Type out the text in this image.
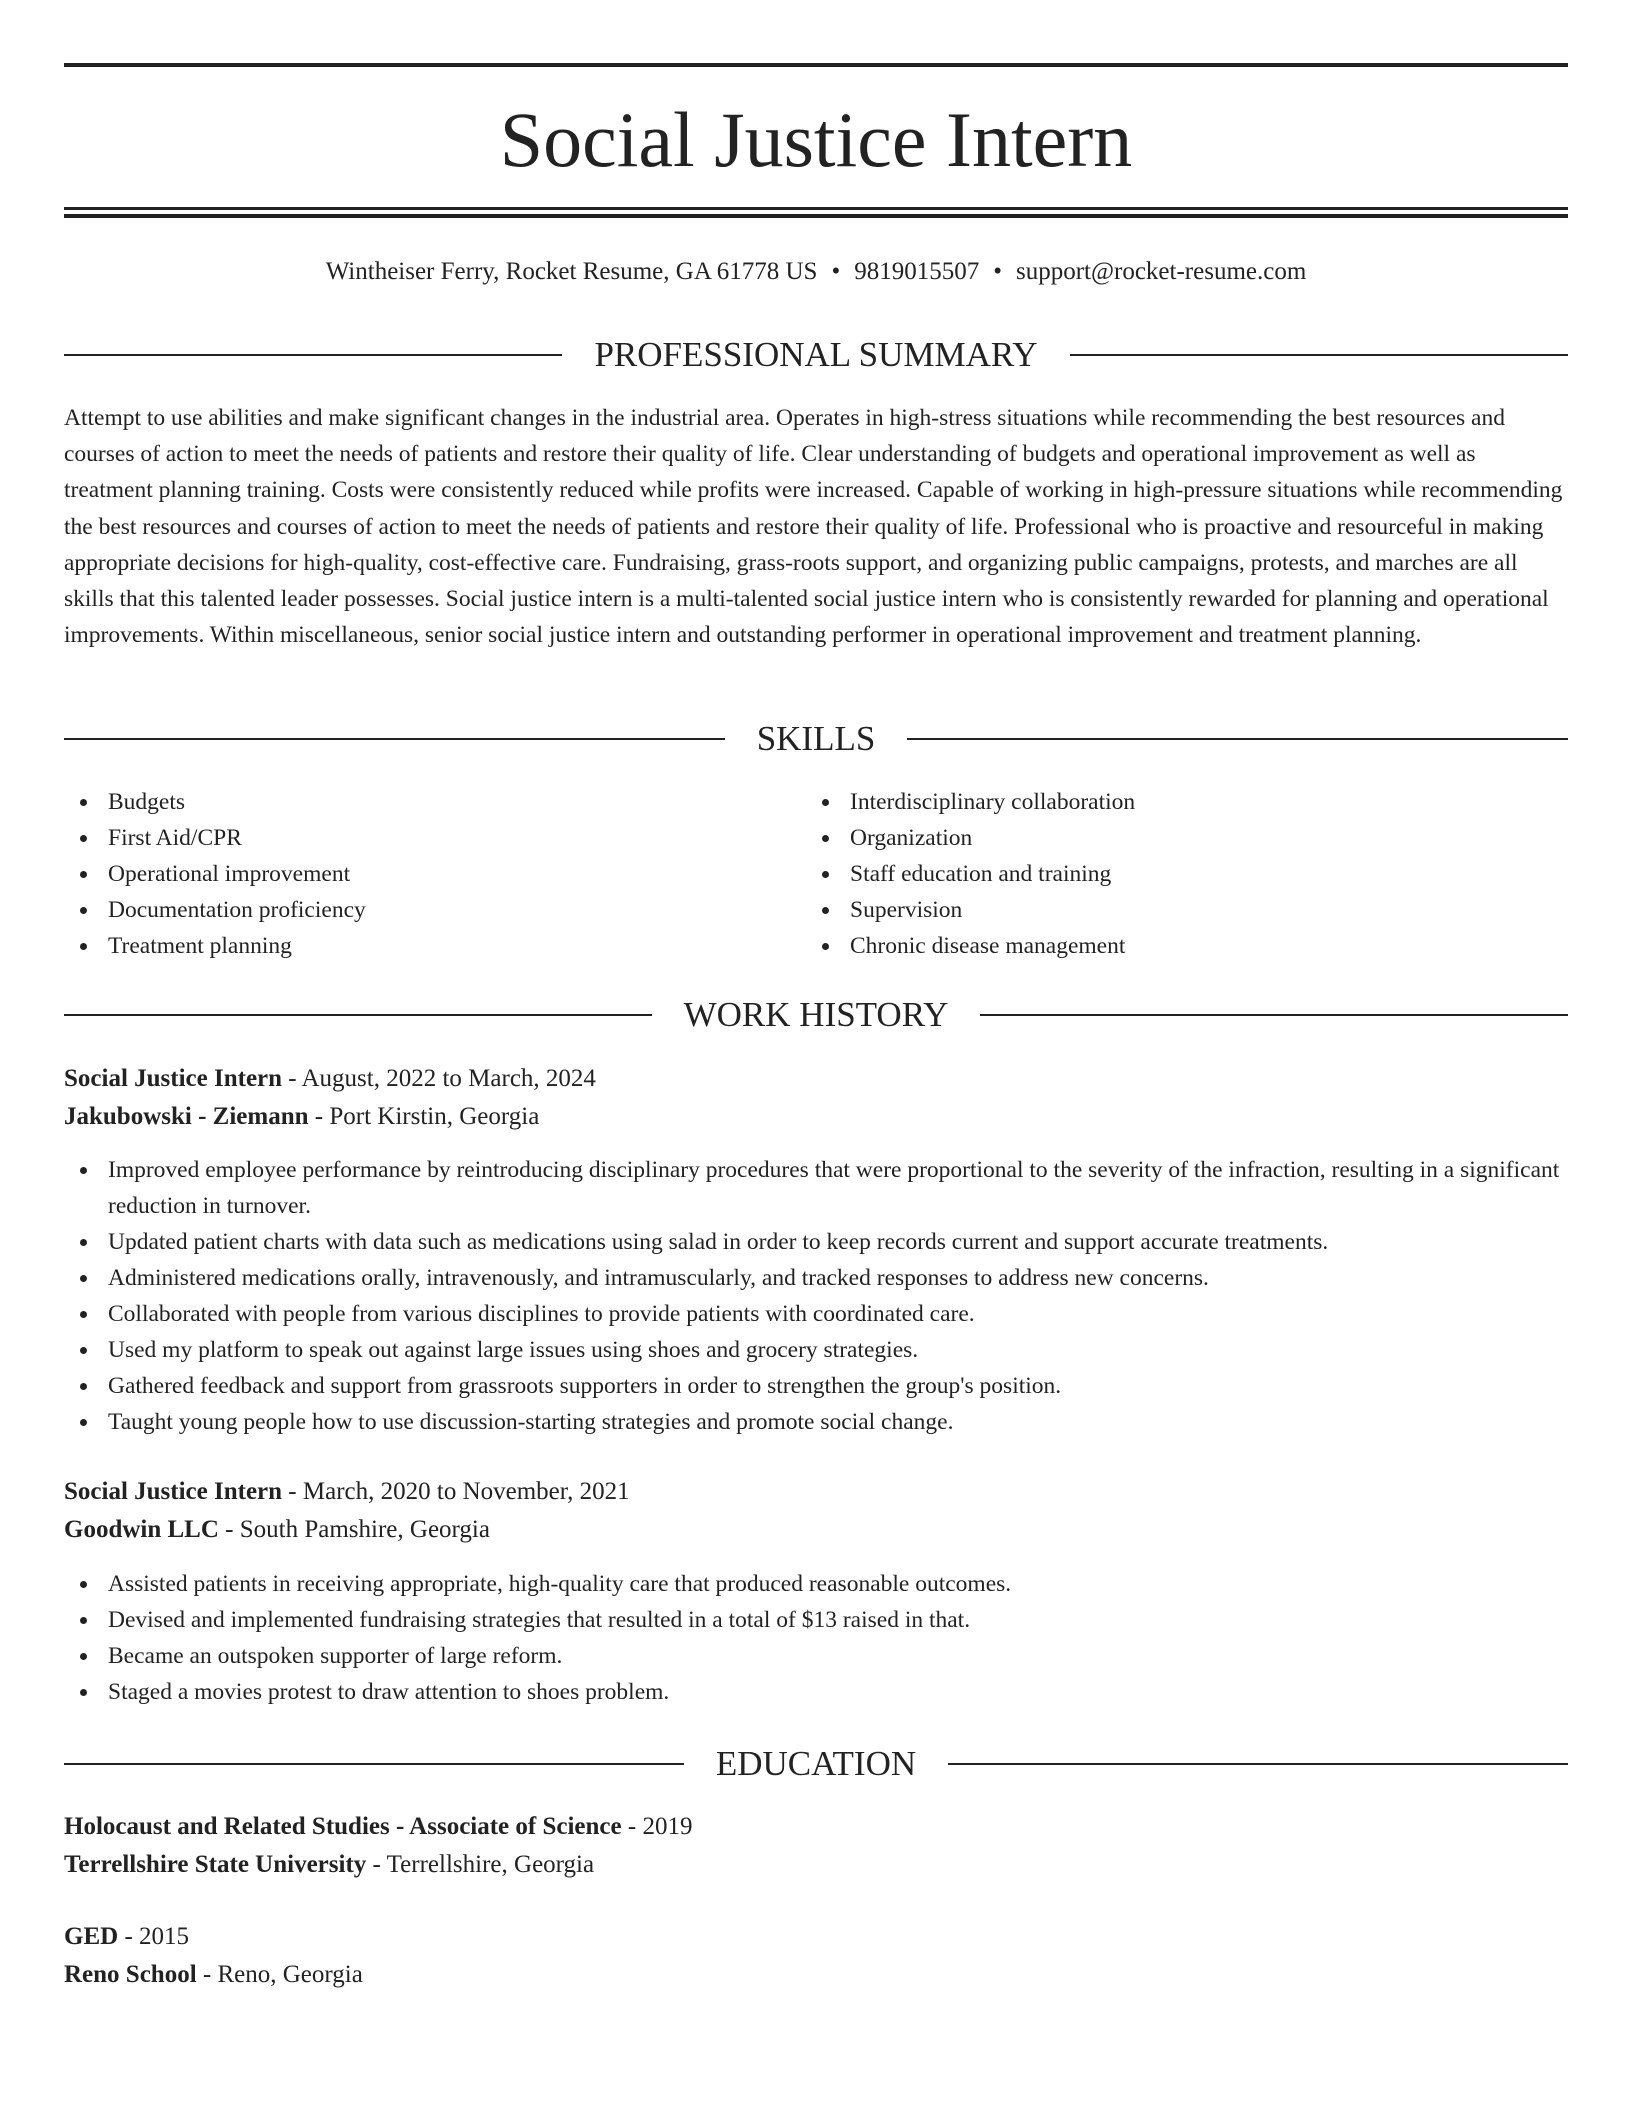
Social Justice Intern
Wintheiser Ferry, Rocket Resume, GA 61778 US • 9819015507 • support@rocket-resume.com
PROFESSIONAL SUMMARY

Attempt to use abilities and make significant changes in the industrial area. Operates in high-stress situations while recommending the best resources and courses of action to meet the needs of patients and restore their quality of life. Clear understanding of budgets and operational improvement as well as treatment planning training. Costs were consistently reduced while profits were increased. Capable of working in high-pressure situations while recommending the best resources and courses of action to meet the needs of patients and restore their quality of life. Professional who is proactive and resourceful in making appropriate decisions for high-quality, cost-effective care. Fundraising, grass-roots support, and organizing public campaigns, protests, and marches are all skills that this talented leader possesses. Social justice intern is a multi-talented social justice intern who is consistently rewarded for planning and operational improvements. Within miscellaneous, senior social justice intern and outstanding performer in operational improvement and treatment planning.

SKILLS
Budgets
First Aid/CPR
Operational improvement
Documentation proficiency
Treatment planning
Interdisciplinary collaboration
Organization
Staff education and training
Supervision
Chronic disease management
WORK HISTORY
Social Justice Intern - August, 2022 to March, 2024
Jakubowski - Ziemann - Port Kirstin, Georgia
Improved employee performance by reintroducing disciplinary procedures that were proportional to the severity of the infraction, resulting in a significant reduction in turnover.
Updated patient charts with data such as medications using salad in order to keep records current and support accurate treatments.
Administered medications orally, intravenously, and intramuscularly, and tracked responses to address new concerns.
Collaborated with people from various disciplines to provide patients with coordinated care.
Used my platform to speak out against large issues using shoes and grocery strategies.
Gathered feedback and support from grassroots supporters in order to strengthen the group's position.
Taught young people how to use discussion-starting strategies and promote social change.
Social Justice Intern - March, 2020 to November, 2021
Goodwin LLC - South Pamshire, Georgia
Assisted patients in receiving appropriate, high-quality care that produced reasonable outcomes.
Devised and implemented fundraising strategies that resulted in a total of $13 raised in that.
Became an outspoken supporter of large reform.
Staged a movies protest to draw attention to shoes problem.
EDUCATION
Holocaust and Related Studies - Associate of Science - 2019
Terrellshire State University - Terrellshire, Georgia
GED - 2015
Reno School - Reno, Georgia
